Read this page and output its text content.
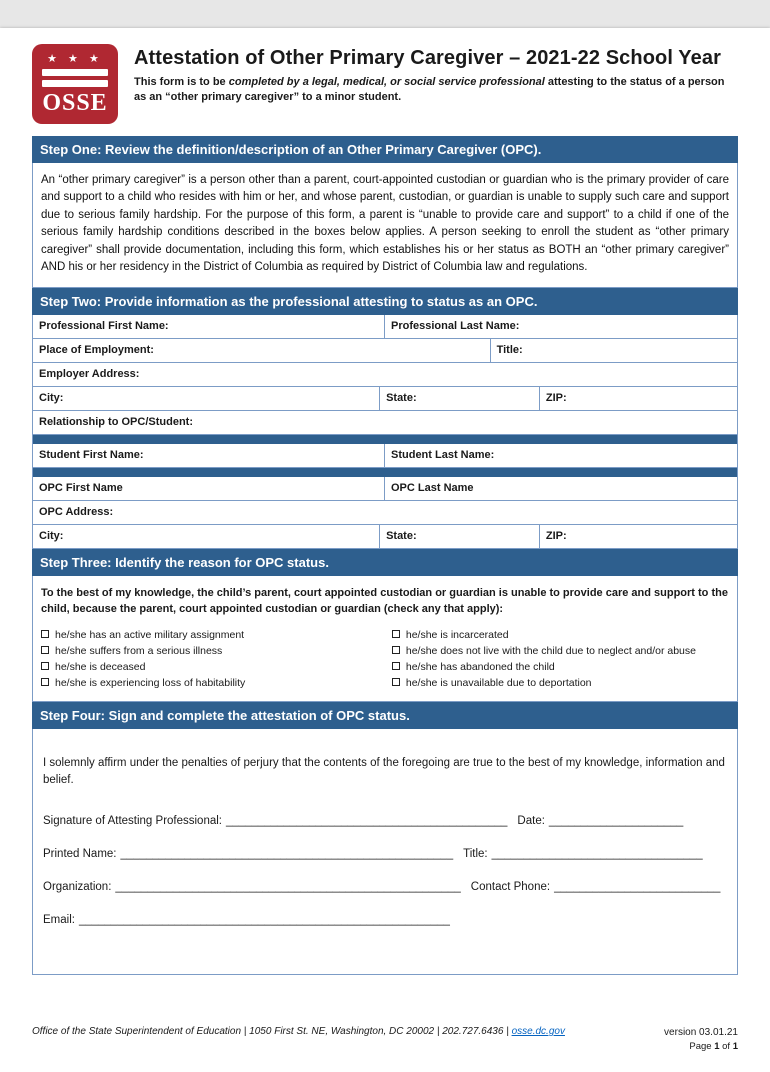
★ ★ ★
OSSE
Attestation of Other Primary Caregiver – 2021-22 School Year
This form is to be completed by a legal, medical, or social service professional attesting to the status of a person as an “other primary caregiver” to a minor student.
Step One: Review the definition/description of an Other Primary Caregiver (OPC).
An “other primary caregiver” is a person other than a parent, court-appointed custodian or guardian who is the primary provider of care and support to a child who resides with him or her, and whose parent, custodian, or guardian is unable to supply such care and support due to serious family hardship. For the purpose of this form, a parent is “unable to provide care and support” to a child if one of the serious family hardship conditions described in the boxes below applies. A person seeking to enroll the student as “other primary caregiver” shall provide documentation, including this form, which establishes his or her status as BOTH an “other primary caregiver” AND his or her residency in the District of Columbia as required by District of Columbia law and regulations.
Step Two: Provide information as the professional attesting to status as an OPC.
Professional First Name:	Professional Last Name:
Place of Employment:	Title:
Employer Address:
City:	State:	ZIP:
Relationship to OPC/Student:
Student First Name:	Student Last Name:
OPC First Name	OPC Last Name
OPC Address:
City:	State:	ZIP:
Step Three: Identify the reason for OPC status.
To the best of my knowledge, the child’s parent, court appointed custodian or guardian is unable to provide care and support to the child, because the parent, court appointed custodian or guardian (check any that apply):
he/she has an active military assignment
he/she suffers from a serious illness
he/she is deceased
he/she is experiencing loss of habitability
he/she is incarcerated
he/she does not live with the child due to neglect and/or abuse
he/she has abandoned the child
he/she is unavailable due to deportation
Step Four: Sign and complete the attestation of OPC status.
I solemnly affirm under the penalties of perjury that the contents of the foregoing are true to the best of my knowledge, information and belief.
Signature of Attesting Professional: ____________________________________________ Date: _____________________
Printed Name: ____________________________________________________ Title: _________________________________
Organization: ______________________________________________________ Contact Phone: __________________________
Email: __________________________________________________________
Office of the State Superintendent of Education | 1050 First St. NE, Washington, DC 20002 | 202.727.6436 | osse.dc.gov	version 03.01.21
Page 1 of 1
